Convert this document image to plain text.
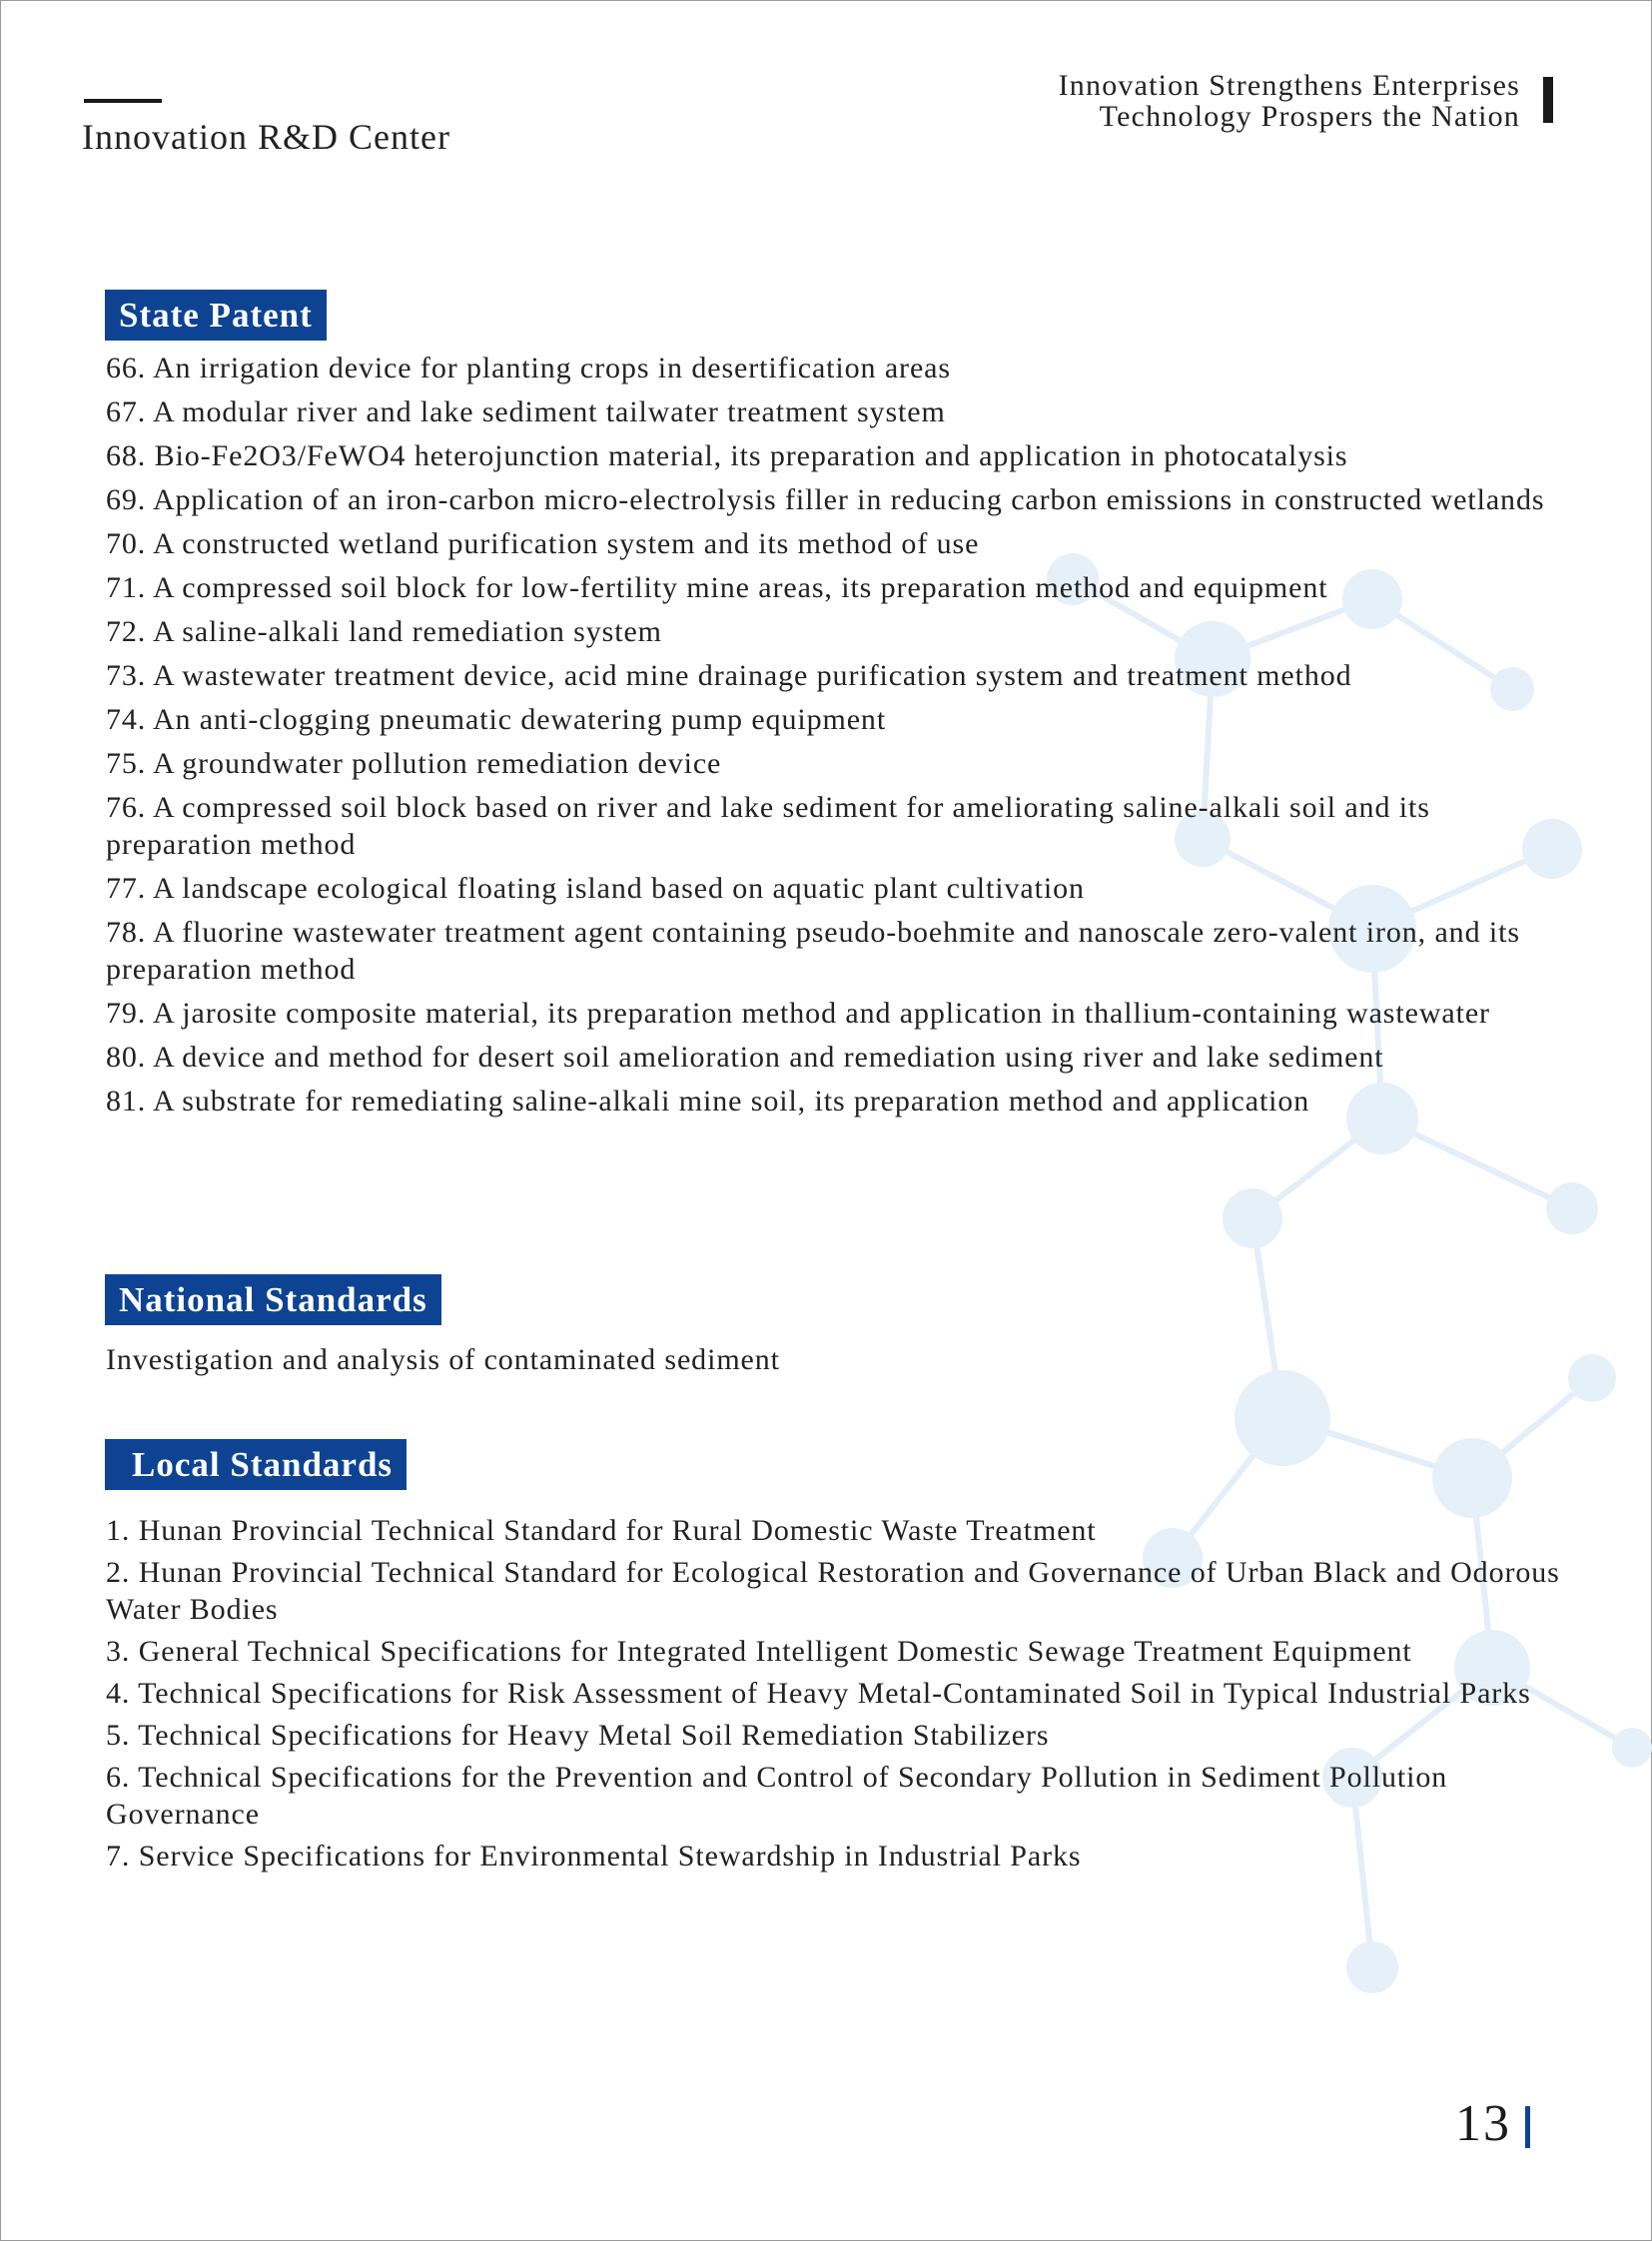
Innovation R&D Center
Innovation Strengthens Enterprises
Technology Prospers the Nation
State Patent
66. An irrigation device for planting crops in desertification areas
67. A modular river and lake sediment tailwater treatment system
68. Bio-Fe2O3/FeWO4 heterojunction material, its preparation and application in photocatalysis
69. Application of an iron-carbon micro-electrolysis filler in reducing carbon emissions in constructed wetlands
70. A constructed wetland purification system and its method of use
71. A compressed soil block for low-fertility mine areas, its preparation method and equipment
72. A saline-alkali land remediation system
73. A wastewater treatment device, acid mine drainage purification system and treatment method
74. An anti-clogging pneumatic dewatering pump equipment
75. A groundwater pollution remediation device
76. A compressed soil block based on river and lake sediment for ameliorating saline-alkali soil and its preparation method
77. A landscape ecological floating island based on aquatic plant cultivation
78. A fluorine wastewater treatment agent containing pseudo-boehmite and nanoscale zero-valent iron, and its preparation method
79. A jarosite composite material, its preparation method and application in thallium-containing wastewater
80. A device and method for desert soil amelioration and remediation using river and lake sediment
81. A substrate for remediating saline-alkali mine soil, its preparation method and application
National Standards
Investigation and analysis of contaminated sediment
Local Standards
1. Hunan Provincial Technical Standard for Rural Domestic Waste Treatment
2. Hunan Provincial Technical Standard for Ecological Restoration and Governance of Urban Black and Odorous Water Bodies
3. General Technical Specifications for Integrated Intelligent Domestic Sewage Treatment Equipment
4. Technical Specifications for Risk Assessment of Heavy Metal-Contaminated Soil in Typical Industrial Parks
5. Technical Specifications for Heavy Metal Soil Remediation Stabilizers
6. Technical Specifications for the Prevention and Control of Secondary Pollution in Sediment Pollution Governance
7. Service Specifications for Environmental Stewardship in Industrial Parks
13
